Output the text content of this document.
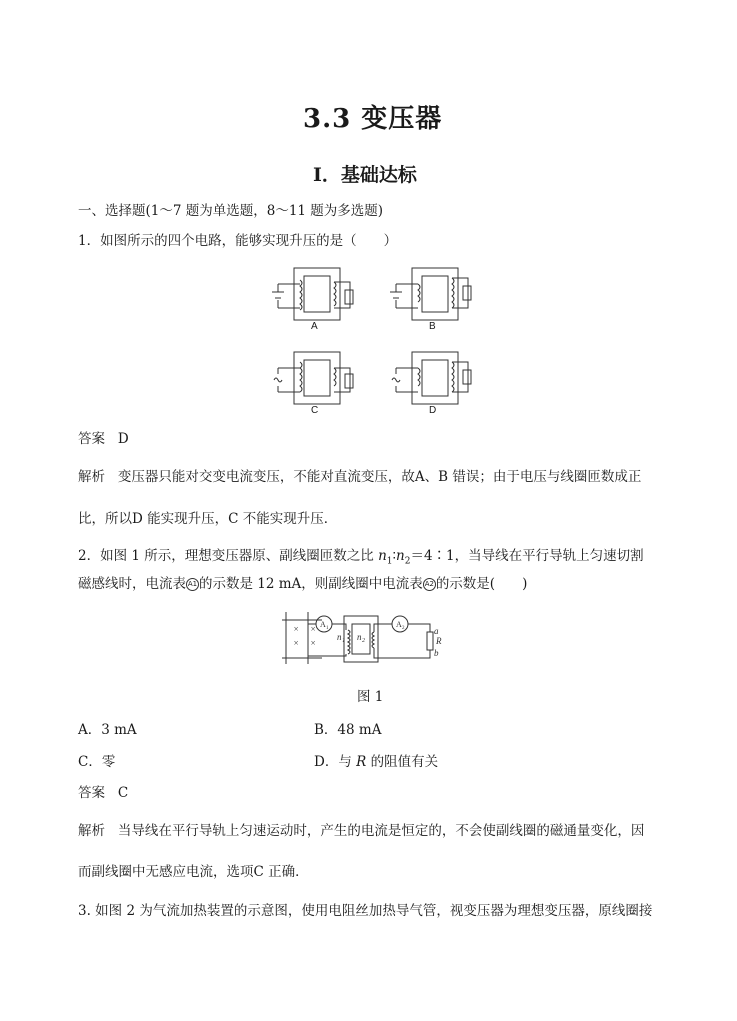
3.3 变压器
Ⅰ．基础达标
一、选择题(1～7 题为单选题，8～11 题为多选题)
1．如图所示的四个电路，能够实现升压的是（　　）
A	B
C	D
答案 D
解析 变压器只能对交变电流变压，不能对直流变压，故A、B 错误；由于电压与线圈匝数成正
比，所以D 能实现升压，C 不能实现升压．
2．如图 1 所示，理想变压器原、副线圈匝数之比 $n_1∶n_2=4∶1$，当导线在平行导轨上匀速切割
磁感线时，电流表 A1 的示数是 12 mA，则副线圈中电流表 A2 的示数是(　　)
× ×
× ×
n 1 n 2
a
R
b
A 1	A 2
图 1
A．3 mA	B．48 mA
C．零	D．与 R 的阻值有关
答案 C
解析 当导线在平行导轨上匀速运动时，产生的电流是恒定的，不会使副线圈的磁通量变化，因
而副线圈中无感应电流，选项C 正确．
3. 如图 2 为气流加热装置的示意图，使用电阻丝加热导气管，视变压器为理想变压器，原线圈接
